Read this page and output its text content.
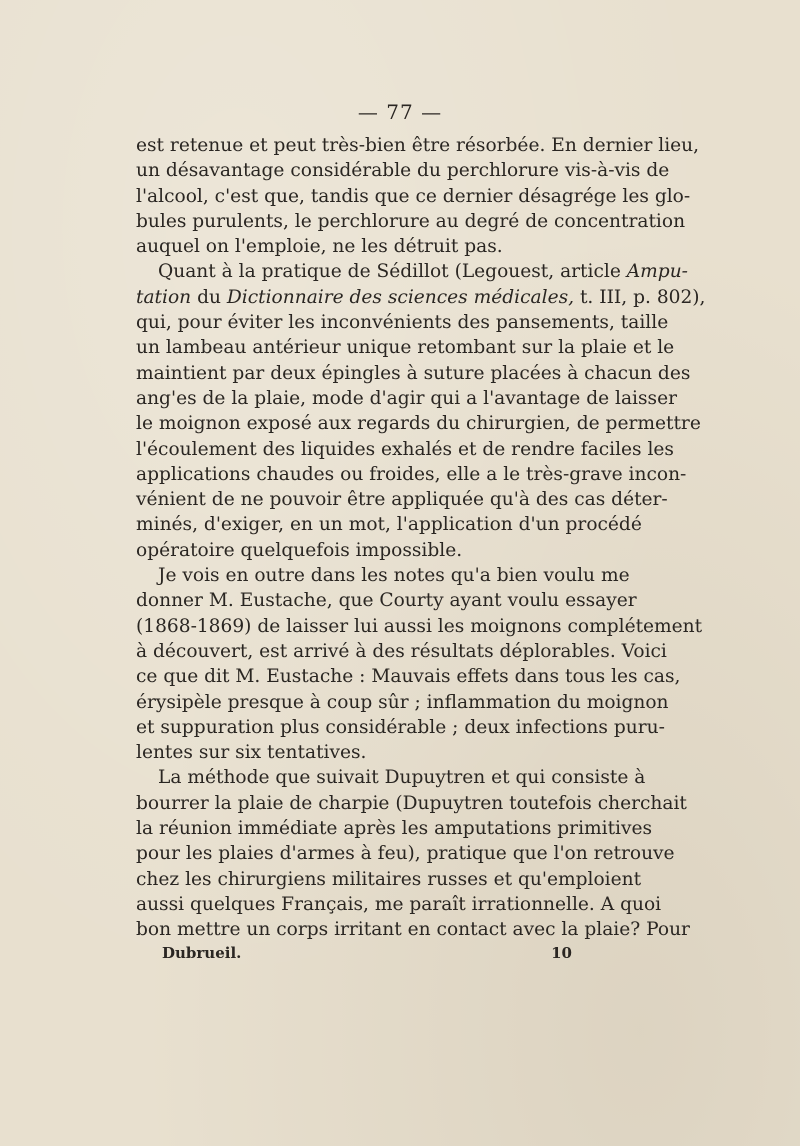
— 77 —

est retenue et peut très-bien être résorbée. En dernier lieu,
un désavantage considérable du perchlorure vis-à-vis de
l'alcool, c'est que, tandis que ce dernier désagrége les glo-
bules purulents, le perchlorure au degré de concentration
auquel on l'emploie, ne les détruit pas.

Quant à la pratique de Sédillot (Legouest, article Ampu-
tation du Dictionnaire des sciences médicales, t. III, p. 802),
qui, pour éviter les inconvénients des pansements, taille
un lambeau antérieur unique retombant sur la plaie et le
maintient par deux épingles à suture placées à chacun des
ang'es de la plaie, mode d'agir qui a l'avantage de laisser
le moignon exposé aux regards du chirurgien, de permettre
l'écoulement des liquides exhalés et de rendre faciles les
applications chaudes ou froides, elle a le très-grave incon-
vénient de ne pouvoir être appliquée qu'à des cas déter-
minés, d'exiger, en un mot, l'application d'un procédé
opératoire quelquefois impossible.

Je vois en outre dans les notes qu'a bien voulu me
donner M. Eustache, que Courty ayant voulu essayer
(1868-1869) de laisser lui aussi les moignons complétement
à découvert, est arrivé à des résultats déplorables. Voici
ce que dit M. Eustache : Mauvais effets dans tous les cas,
érysipèle presque à coup sûr ; inflammation du moignon
et suppuration plus considérable ; deux infections puru-
lentes sur six tentatives.

La méthode que suivait Dupuytren et qui consiste à
bourrer la plaie de charpie (Dupuytren toutefois cherchait
la réunion immédiate après les amputations primitives
pour les plaies d'armes à feu), pratique que l'on retrouve
chez les chirurgiens militaires russes et qu'emploient
aussi quelques Français, me paraît irrationnelle. A quoi
bon mettre un corps irritant en contact avec la plaie? Pour

Dubrueil.	10
